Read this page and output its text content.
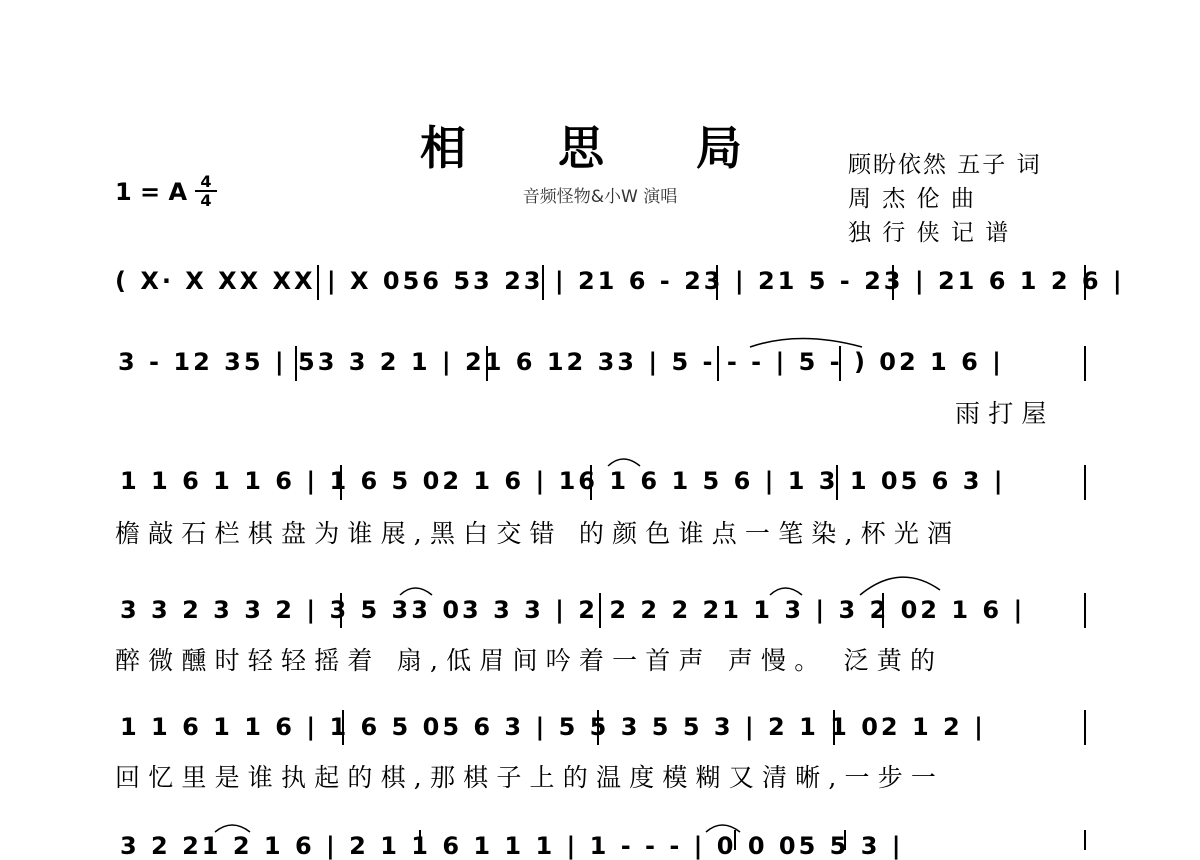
相 思 局
音频怪物&小W 演唱
顾盼依然 五子 词
周 杰 伦 曲
独 行 侠 记 谱
1 = A 4
4
( X· X XX XX | X 056 53 23 | 21 6 - 23 | 21 5 - 23 | 21 6 1 2 6 |
3 - 12 35 | 53 3 2 1 | 21 6 12 33 | 5 - - - | 5 - ) 02 1 6 |
雨打屋
1 1 6 1 1 6 | 1 6 5 02 1 6 | 16 1 6 1 5 6 | 1 3 1 05 6 3 |
檐敲石栏棋盘为谁展,黑白交错 的颜色谁点一笔染,杯光酒
3 3 2 3 3 2 | 3 5 33 03 3 3 | 2 2 2 2 21 1 3 | 3 2 02 1 6 |
醉微醺时轻轻摇着 扇,低眉间吟着一首声 声慢。 泛黄的
1 1 6 1 1 6 | 1 6 5 05 6 3 | 5 5 3 5 5 3 | 2 1 1 02 1 2 |
回忆里是谁执起的棋,那棋子上的温度模糊又清晰,一步一
3 2 21 2 1 6 | 2 1 1 6 1 1 1 | 1 - - - | 0 0 05 5 3 |
